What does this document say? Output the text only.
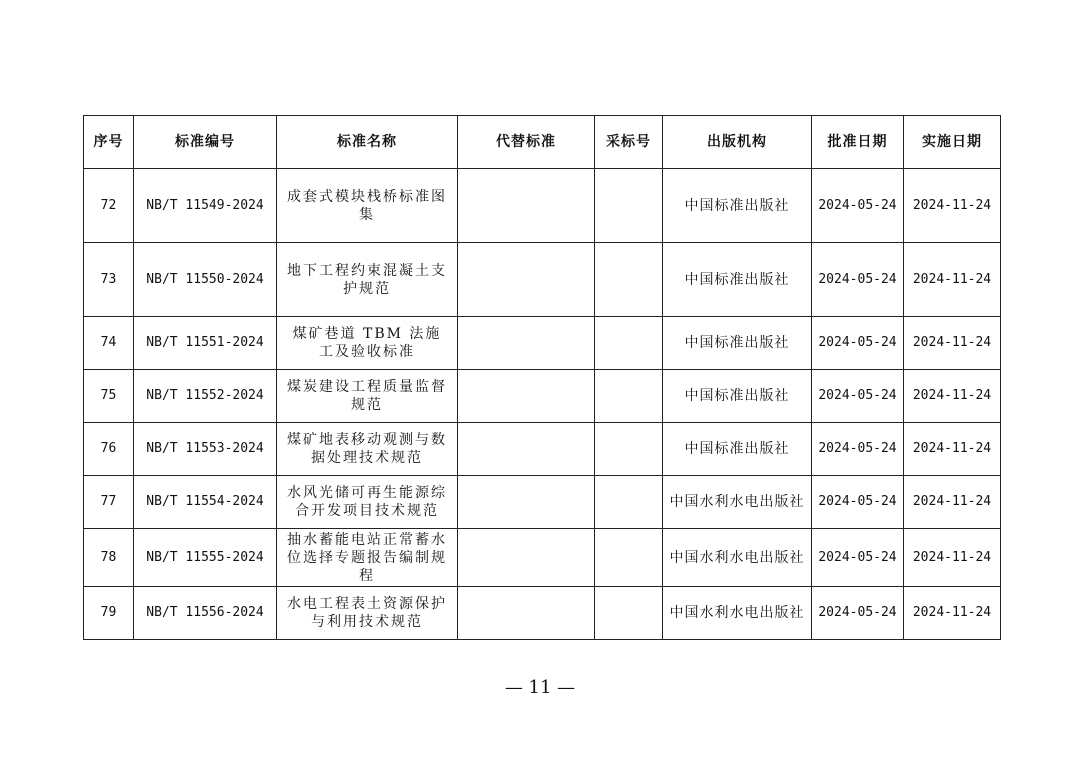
序号	标准编号	标准名称	代替标准	采标号	出版机构	批准日期	实施日期
72	NB/T 11549-2024	成套式模块栈桥标准图集			中国标准出版社	2024-05-24	2024-11-24
73	NB/T 11550-2024	地下工程约束混凝土支护规范			中国标准出版社	2024-05-24	2024-11-24
74	NB/T 11551-2024	煤矿巷道 TBM 法施工及验收标准			中国标准出版社	2024-05-24	2024-11-24
75	NB/T 11552-2024	煤炭建设工程质量监督规范			中国标准出版社	2024-05-24	2024-11-24
76	NB/T 11553-2024	煤矿地表移动观测与数据处理技术规范			中国标准出版社	2024-05-24	2024-11-24
77	NB/T 11554-2024	水风光储可再生能源综合开发项目技术规范			中国水利水电出版社	2024-05-24	2024-11-24
78	NB/T 11555-2024	抽水蓄能电站正常蓄水位选择专题报告编制规程			中国水利水电出版社	2024-05-24	2024-11-24
79	NB/T 11556-2024	水电工程表土资源保护与利用技术规范			中国水利水电出版社	2024-05-24	2024-11-24
— 11 —
